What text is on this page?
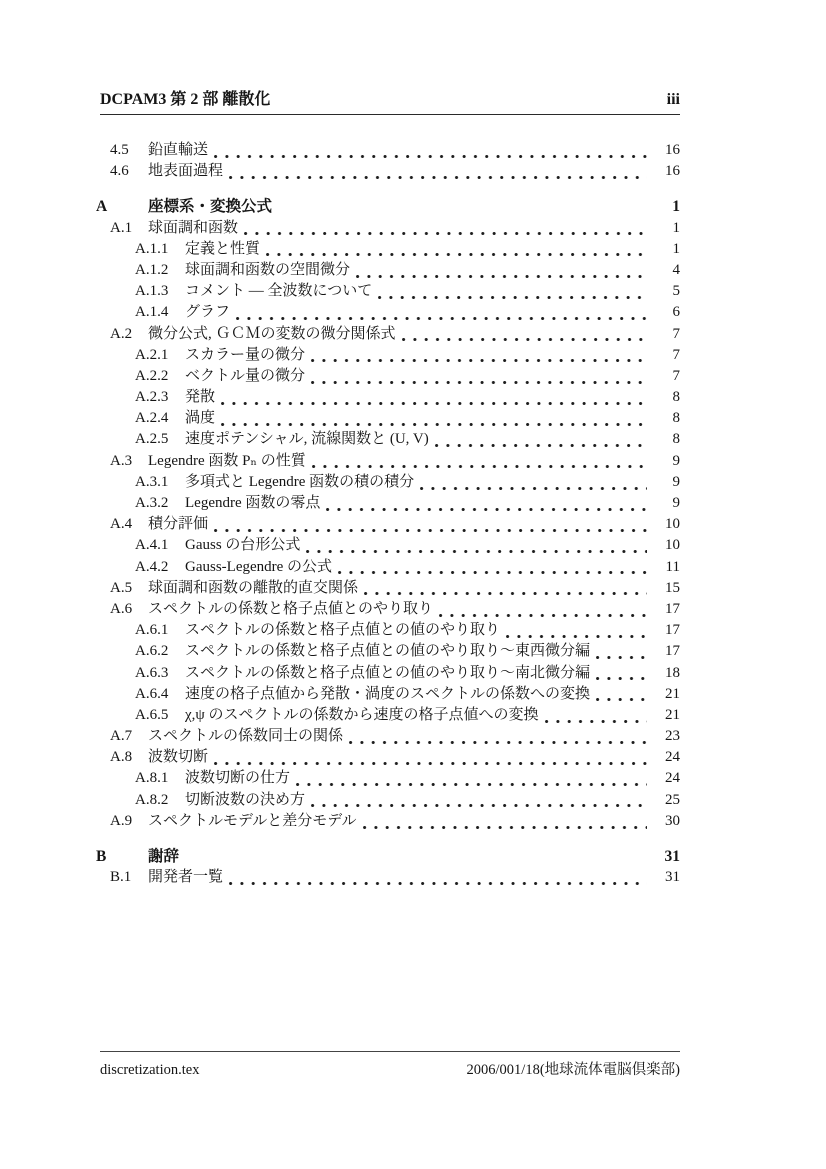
DCPAM3 第 2 部 離散化	iii
4.5	鉛直輸送	16
4.6	地表面過程	16
A	座標系・変換公式	1
A.1	球面調和函数	1
A.1.1	定義と性質	1
A.1.2	球面調和函数の空間微分	4
A.1.3	コメント — 全波数について	5
A.1.4	グラフ	6
A.2	微分公式, ＧＣＭの変数の微分関係式	7
A.2.1	スカラー量の微分	7
A.2.2	ベクトル量の微分	7
A.2.3	発散	8
A.2.4	渦度	8
A.2.5	速度ポテンシャル, 流線関数と (U, V)	8
A.3	Legendre 函数 Pₙ の性質	9
A.3.1	多項式と Legendre 函数の積の積分	9
A.3.2	Legendre 函数の零点	9
A.4	積分評価	10
A.4.1	Gauss の台形公式	10
A.4.2	Gauss-Legendre の公式	11
A.5	球面調和函数の離散的直交関係	15
A.6	スペクトルの係数と格子点値とのやり取り	17
A.6.1	スペクトルの係数と格子点値との値のやり取り	17
A.6.2	スペクトルの係数と格子点値との値のやり取り～東西微分編	17
A.6.3	スペクトルの係数と格子点値との値のやり取り～南北微分編	18
A.6.4	速度の格子点値から発散・渦度のスペクトルの係数への変換	21
A.6.5	χ,ψ のスペクトルの係数から速度の格子点値への変換	21
A.7	スペクトルの係数同士の関係	23
A.8	波数切断	24
A.8.1	波数切断の仕方	24
A.8.2	切断波数の決め方	25
A.9	スペクトルモデルと差分モデル	30
B	謝辞	31
B.1	開発者一覧	31
discretization.tex	2006/001/18(地球流体電脳倶楽部)
